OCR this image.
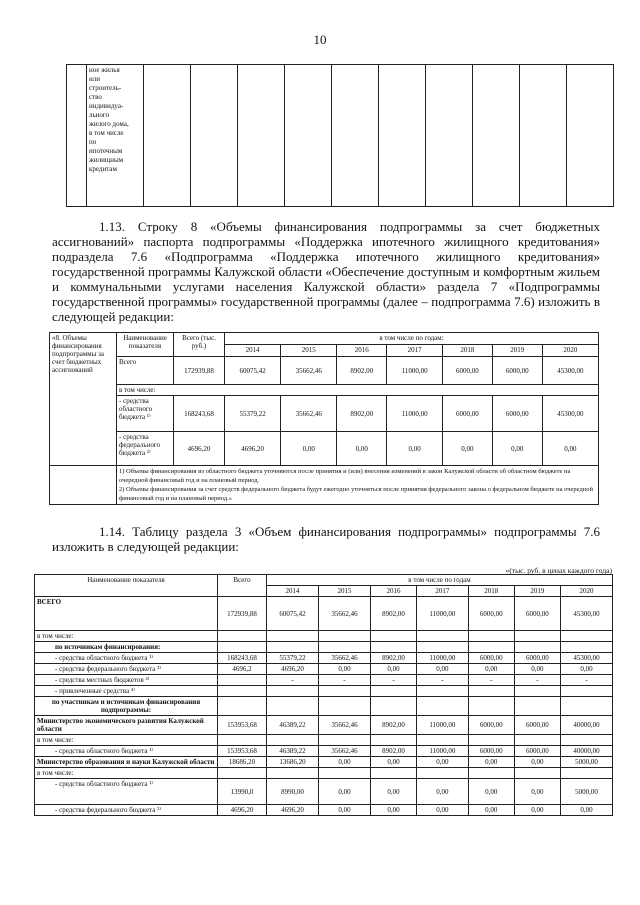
10

ное жилья
или
строитель-
ство
индивидуа-
льного
жилого дома,
в том числе
по
ипотечным
жилищным
кредитам

1.13. Строку 8 «Объемы финансирования подпрограммы за счет бюджетных ассигнований» паспорта подпрограммы «Поддержка ипотечного жилищного кредитования» подраздела 7.6 «Подпрограмма «Поддержка ипотечного жилищного кредитования» государственной программы Калужской области «Обеспечение доступным и комфортным жильем и коммунальными услугами населения Калужской области» раздела 7 «Подпрограммы государственной программы» государственной программы (далее – подпрограмма 7.6) изложить в следующей редакции:

«8. Объемы финансирования подпрограммы за счет бюджетных ассигнований	Наименование показателя	Всего (тыс. руб.)	в том числе по годам:						
			2014	2015	2016	2017	2018	2019	2020
	Всего	172939,88	60075,42	35662,46	8902,00	11000,00	6000,00	6000,00	45300,00
	в том числе:								
	- средства областного бюджета ¹⁾	168243,68	55379,22	35662,46	8902,00	11000,00	6000,00	6000,00	45300,00
	- средства федерального бюджета ²⁾	4696,20	4696,20	0,00	0,00	0,00	0,00	0,00	0,00

	1) Объемы финансирования из областного бюджета уточняются после принятия и (или) внесения изменений в закон Калужской области об областном бюджете на очередной финансовый год и на плановый период.
2) Объемы финансирования за счет средств федерального бюджета будут ежегодно уточняться после принятия федерального закона о федеральном бюджете на очередной финансовый год и на плановый период.»								

1.14. Таблицу раздела 3 «Объем финансирования подпрограммы» подпрограммы 7.6 изложить в следующей редакции:

«(тыс. руб. в ценах каждого года)
Наименование показателя	Всего	в том числе по годам						
		2014	2015	2016	2017	2018	2019	2020
ВСЕГО	172939,88	60075,42	35662,46	8902,00	11000,00	6000,00	6000,00	45300,00
в том числе:								
по источникам финансирования:								
- средства областного бюджета ¹⁾	168243,68	55379,22	35662,46	8902,00	11000,00	6000,00	6000,00	45300,00
- средства федерального бюджета ²⁾	4696,2	4696,20	0,00	0,00	0,00	0,00	0,00	0,00
- средства местных бюджетов ³⁾		-	-	-	-	-	-	-
- привлеченные средства ⁴⁾								
по участникам и источникам финансирования подпрограммы:								
Министерство экономического развития Калужской области	153953,68	46389,22	35662,46	8902,00	11000,00	6000,00	6000,00	40000,00
в том числе:								
- средства областного бюджета ¹⁾	153953,68	46389,22	35662,46	8902,00	11000,00	6000,00	6000,00	40000,00
Министерство образования и науки Калужской области	18686,20	13686,20	0,00	0,00	0,00	0,00	0,00	5000,00
в том числе:								
- средства областного бюджета ¹⁾	13990,0	8990,00	0,00	0,00	0,00	0,00	0,00	5000,00
- средства федерального бюджета ²⁾	4696,20	4696,20	0,00	0,00	0,00	0,00	0,00	0,00
